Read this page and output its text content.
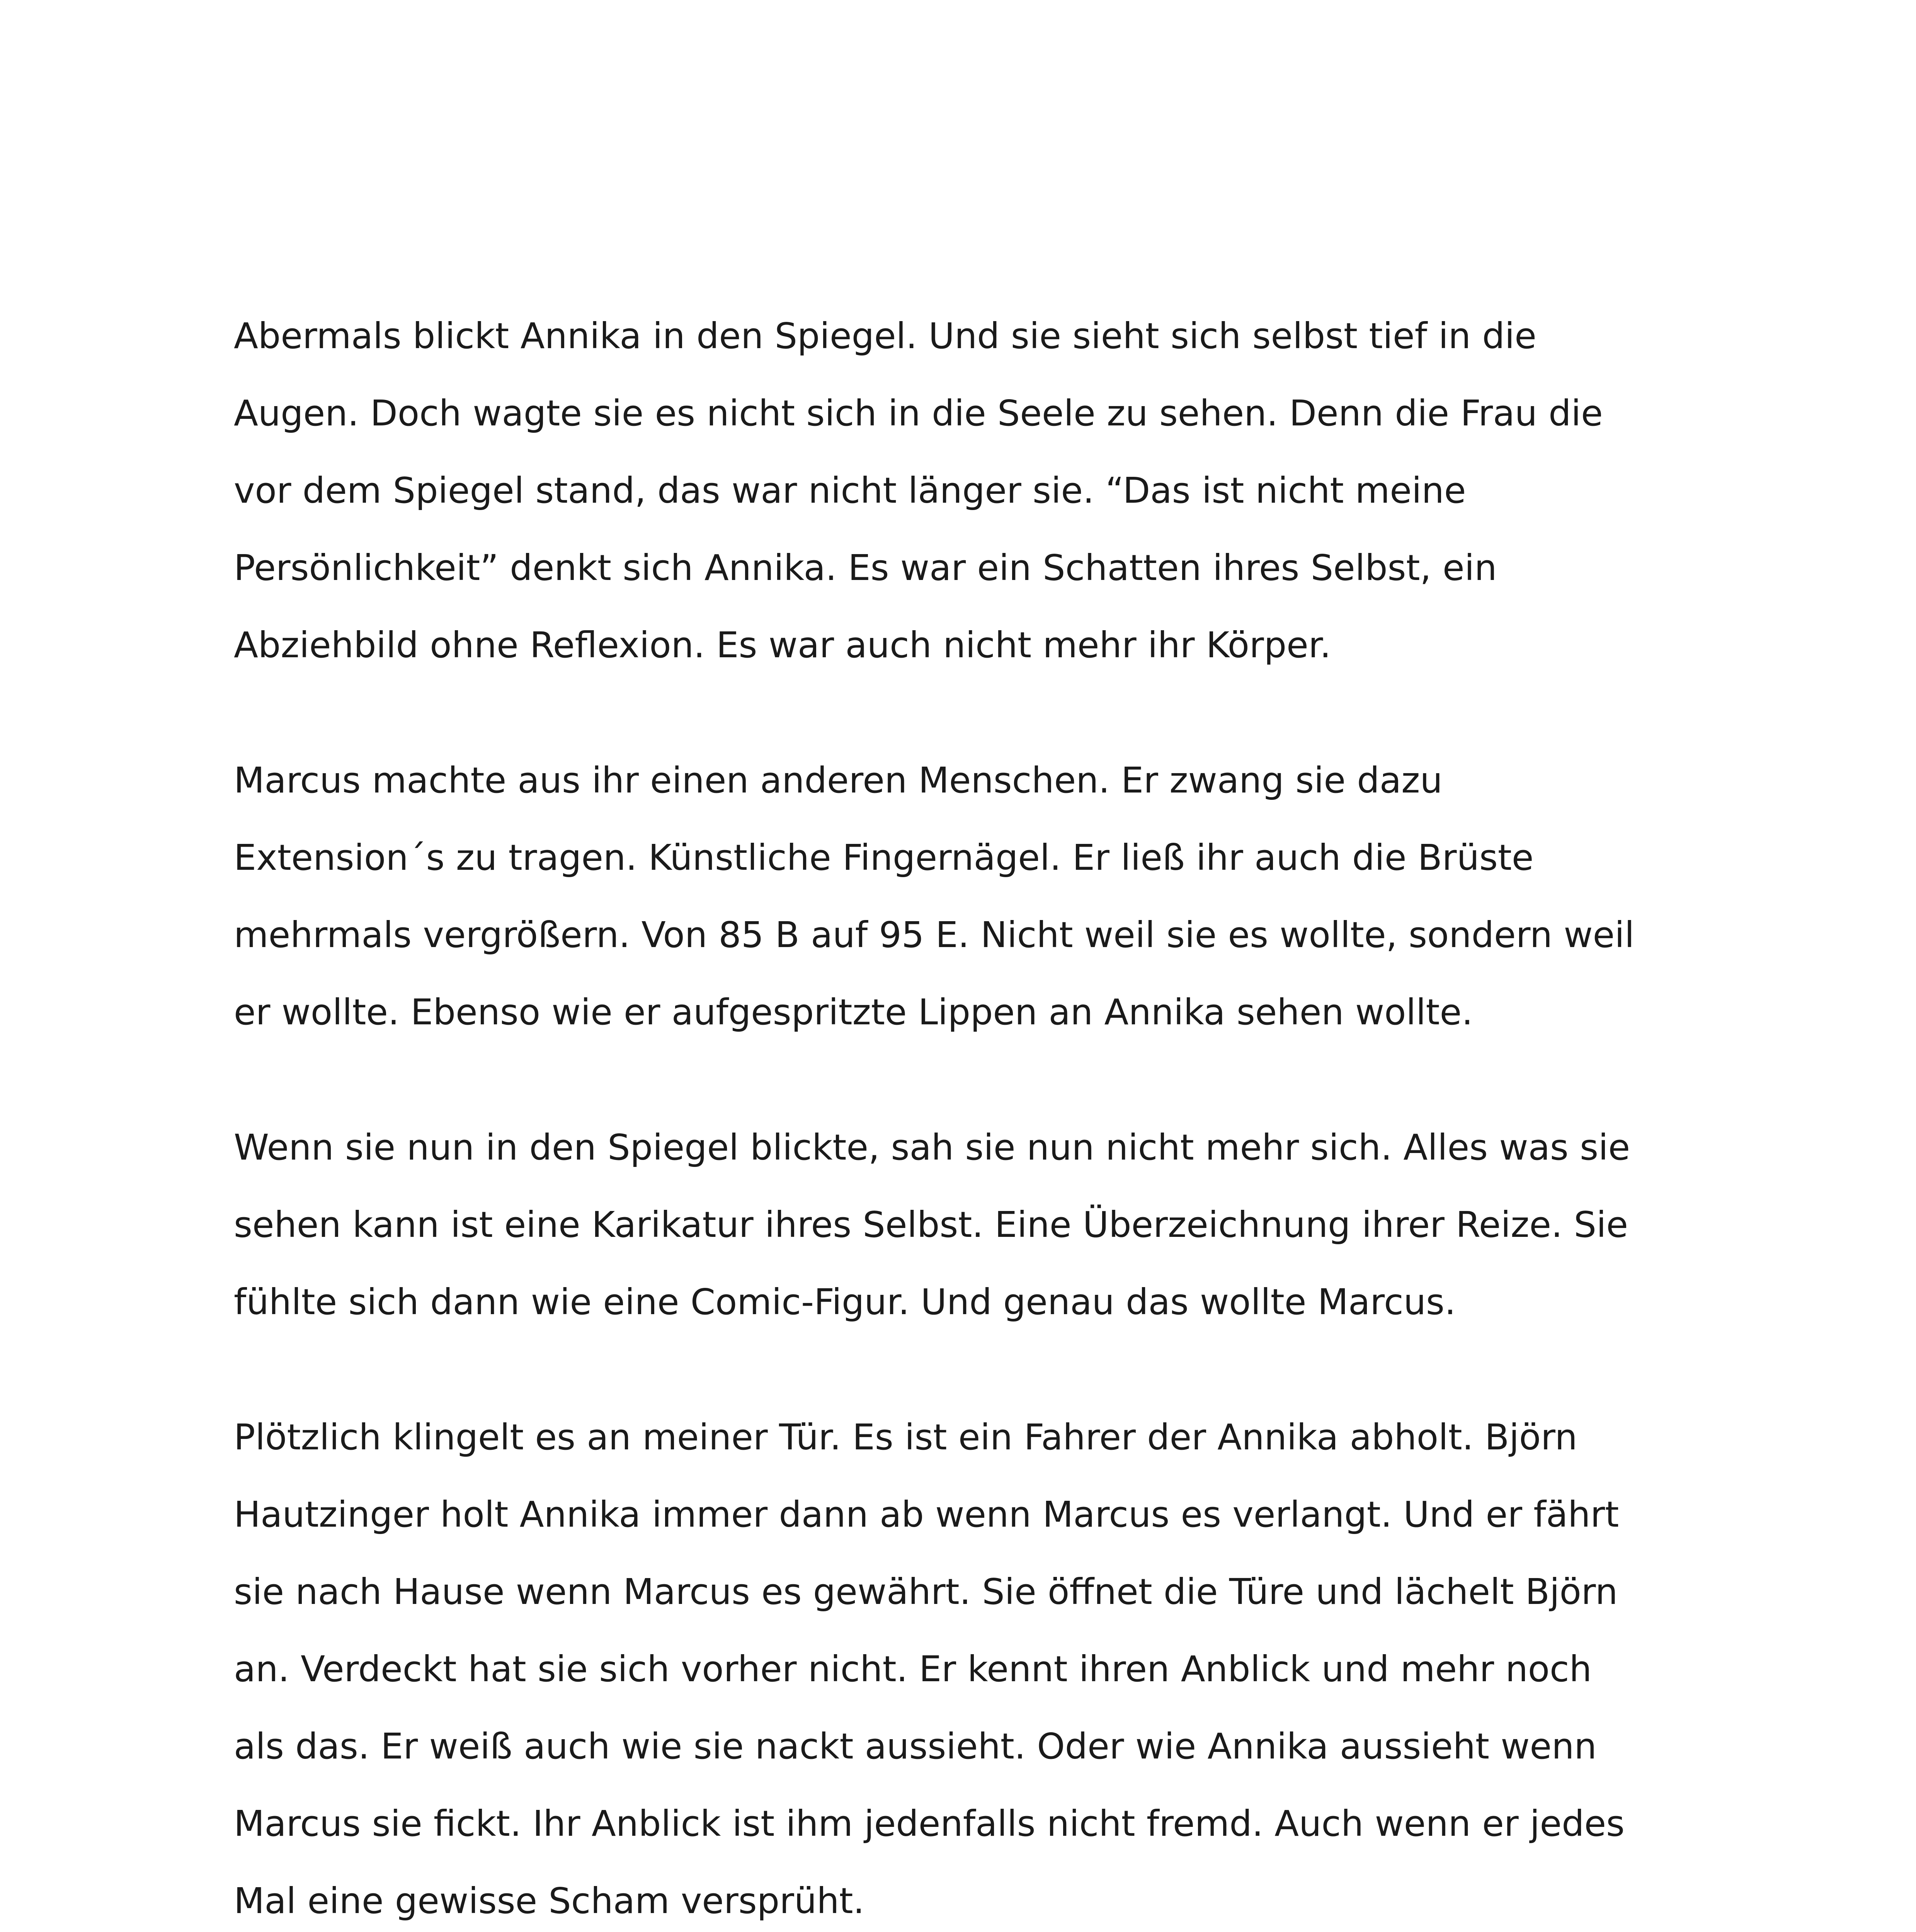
Abermals blickt Annika in den Spiegel. Und sie sieht sich selbst tief in die
Augen. Doch wagte sie es nicht sich in die Seele zu sehen. Denn die Frau die
vor dem Spiegel stand, das war nicht länger sie. “Das ist nicht meine
Persönlichkeit” denkt sich Annika. Es war ein Schatten ihres Selbst, ein
Abziehbild ohne Reflexion. Es war auch nicht mehr ihr Körper.

Marcus machte aus ihr einen anderen Menschen. Er zwang sie dazu
Extension´s zu tragen. Künstliche Fingernägel. Er ließ ihr auch die Brüste
mehrmals vergrößern. Von 85 B auf 95 E. Nicht weil sie es wollte, sondern weil
er wollte. Ebenso wie er aufgespritzte Lippen an Annika sehen wollte.

Wenn sie nun in den Spiegel blickte, sah sie nun nicht mehr sich. Alles was sie
sehen kann ist eine Karikatur ihres Selbst. Eine Überzeichnung ihrer Reize. Sie
fühlte sich dann wie eine Comic-Figur. Und genau das wollte Marcus.

Plötzlich klingelt es an meiner Tür. Es ist ein Fahrer der Annika abholt. Björn
Hautzinger holt Annika immer dann ab wenn Marcus es verlangt. Und er fährt
sie nach Hause wenn Marcus es gewährt. Sie öffnet die Türe und lächelt Björn
an. Verdeckt hat sie sich vorher nicht. Er kennt ihren Anblick und mehr noch
als das. Er weiß auch wie sie nackt aussieht. Oder wie Annika aussieht wenn
Marcus sie fickt. Ihr Anblick ist ihm jedenfalls nicht fremd. Auch wenn er jedes
Mal eine gewisse Scham versprüht.
